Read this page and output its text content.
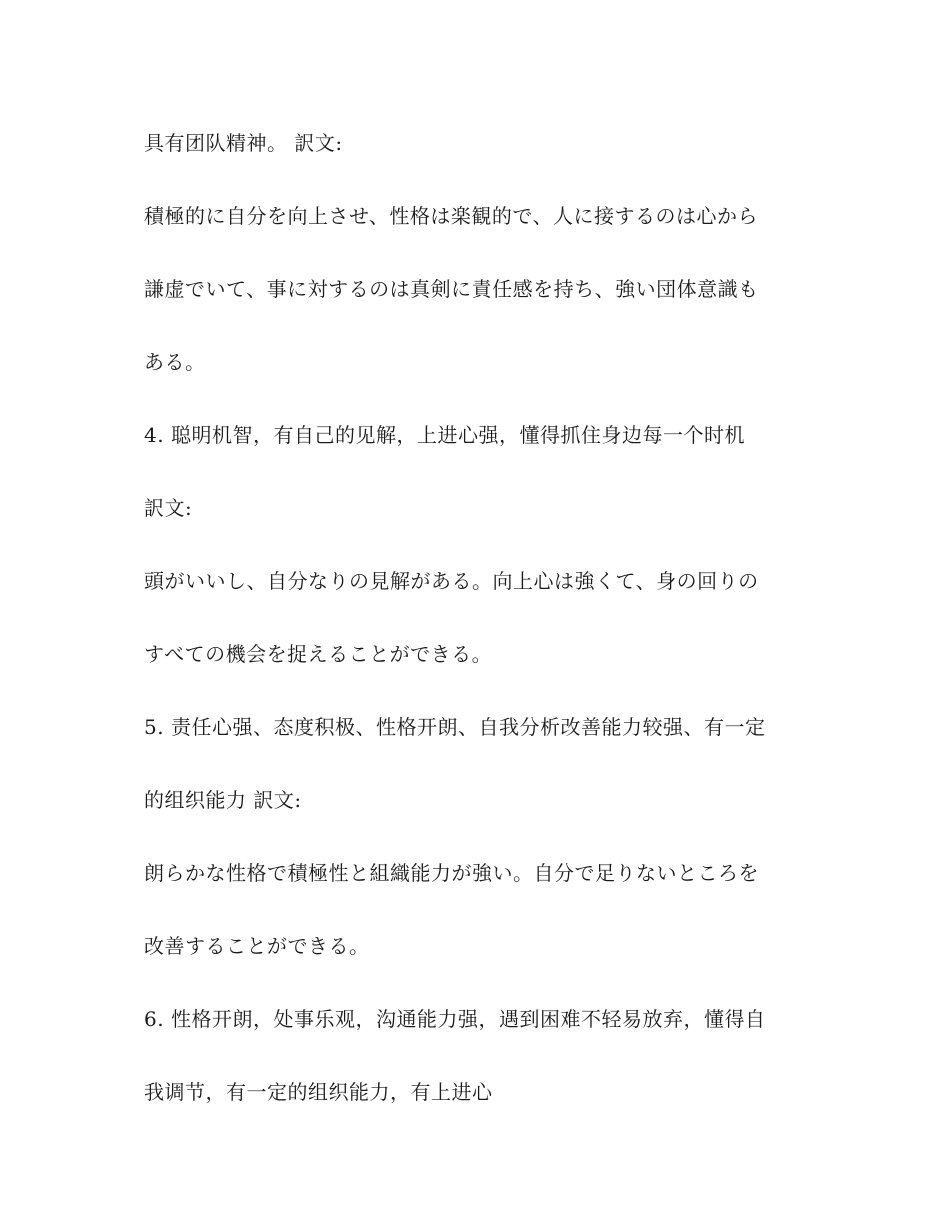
具有团队精神。 訳文:
積極的に自分を向上させ、性格は楽観的で、人に接するのは心から
謙虚でいて、事に対するのは真剣に責任感を持ち、強い団体意識も
ある。
4. 聪明机智，有自己的见解，上进心强，懂得抓住身边每一个时机
訳文:
頭がいいし、自分なりの見解がある。向上心は強くて、身の回りの
すべての機会を捉えることができる。
5. 责任心强、态度积极、性格开朗、自我分析改善能力较强、有一定
的组织能力 訳文:
朗らかな性格で積極性と組織能力が強い。自分で足りないところを
改善することができる。
6. 性格开朗，处事乐观，沟通能力强，遇到困难不轻易放弃，懂得自
我调节，有一定的组织能力，有上进心
